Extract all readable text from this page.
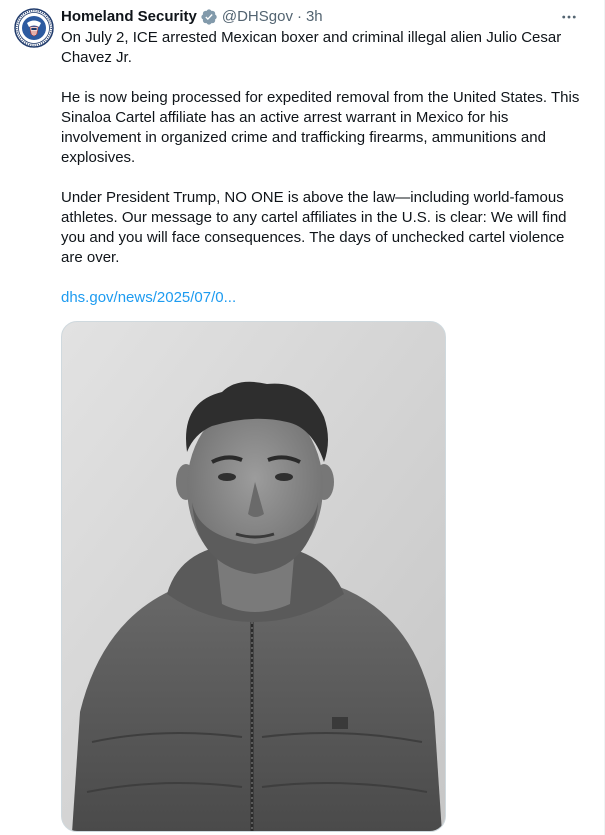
Homeland Security @DHSgov · 3h

On July 2, ICE arrested Mexican boxer and criminal illegal alien Julio Cesar Chavez Jr.

He is now being processed for expedited removal from the United States. This Sinaloa Cartel affiliate has an active arrest warrant in Mexico for his involvement in organized crime and trafficking firearms, ammunitions and explosives.

Under President Trump, NO ONE is above the law—including world-famous athletes. Our message to any cartel affiliates in the U.S. is clear: We will find you and you will face consequences. The days of unchecked cartel violence are over.

dhs.gov/news/2025/07/0...
